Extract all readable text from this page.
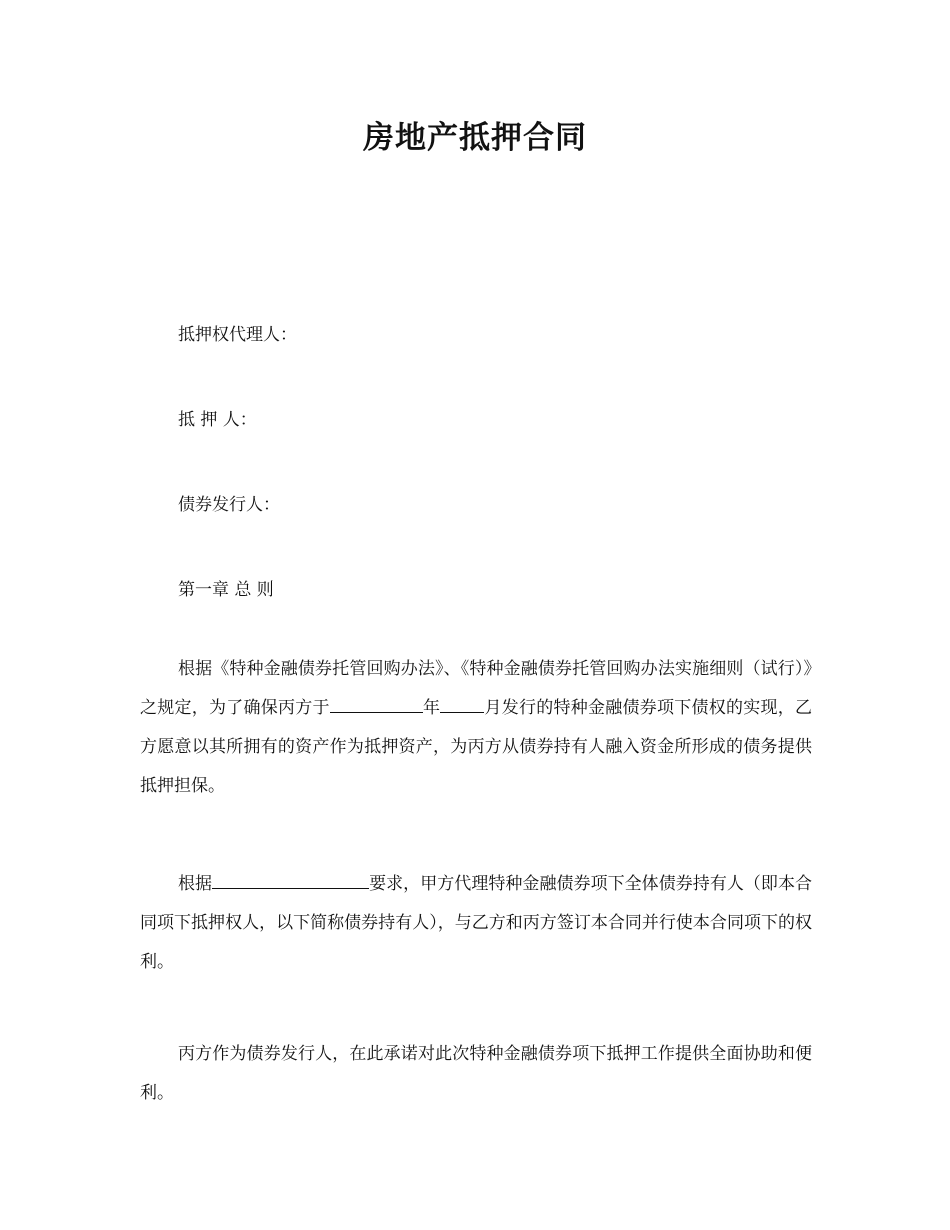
房地产抵押合同

抵押权代理人：

抵 押 人：

债券发行人：

第一章 总 则

根据《特种金融债券托管回购办法》、《特种金融债券托管回购办法实施细则（试行）》之规定，为了确保丙方于	年	月发行的特种金融债券项下债权的实现，乙方愿意以其所拥有的资产作为抵押资产，为丙方从债券持有人融入资金所形成的债务提供抵押担保。

根据	要求，甲方代理特种金融债券项下全体债券持有人（即本合同项下抵押权人，以下简称债券持有人），与乙方和丙方签订本合同并行使本合同项下的权利。

丙方作为债券发行人，在此承诺对此次特种金融债券项下抵押工作提供全面协助和便利。
